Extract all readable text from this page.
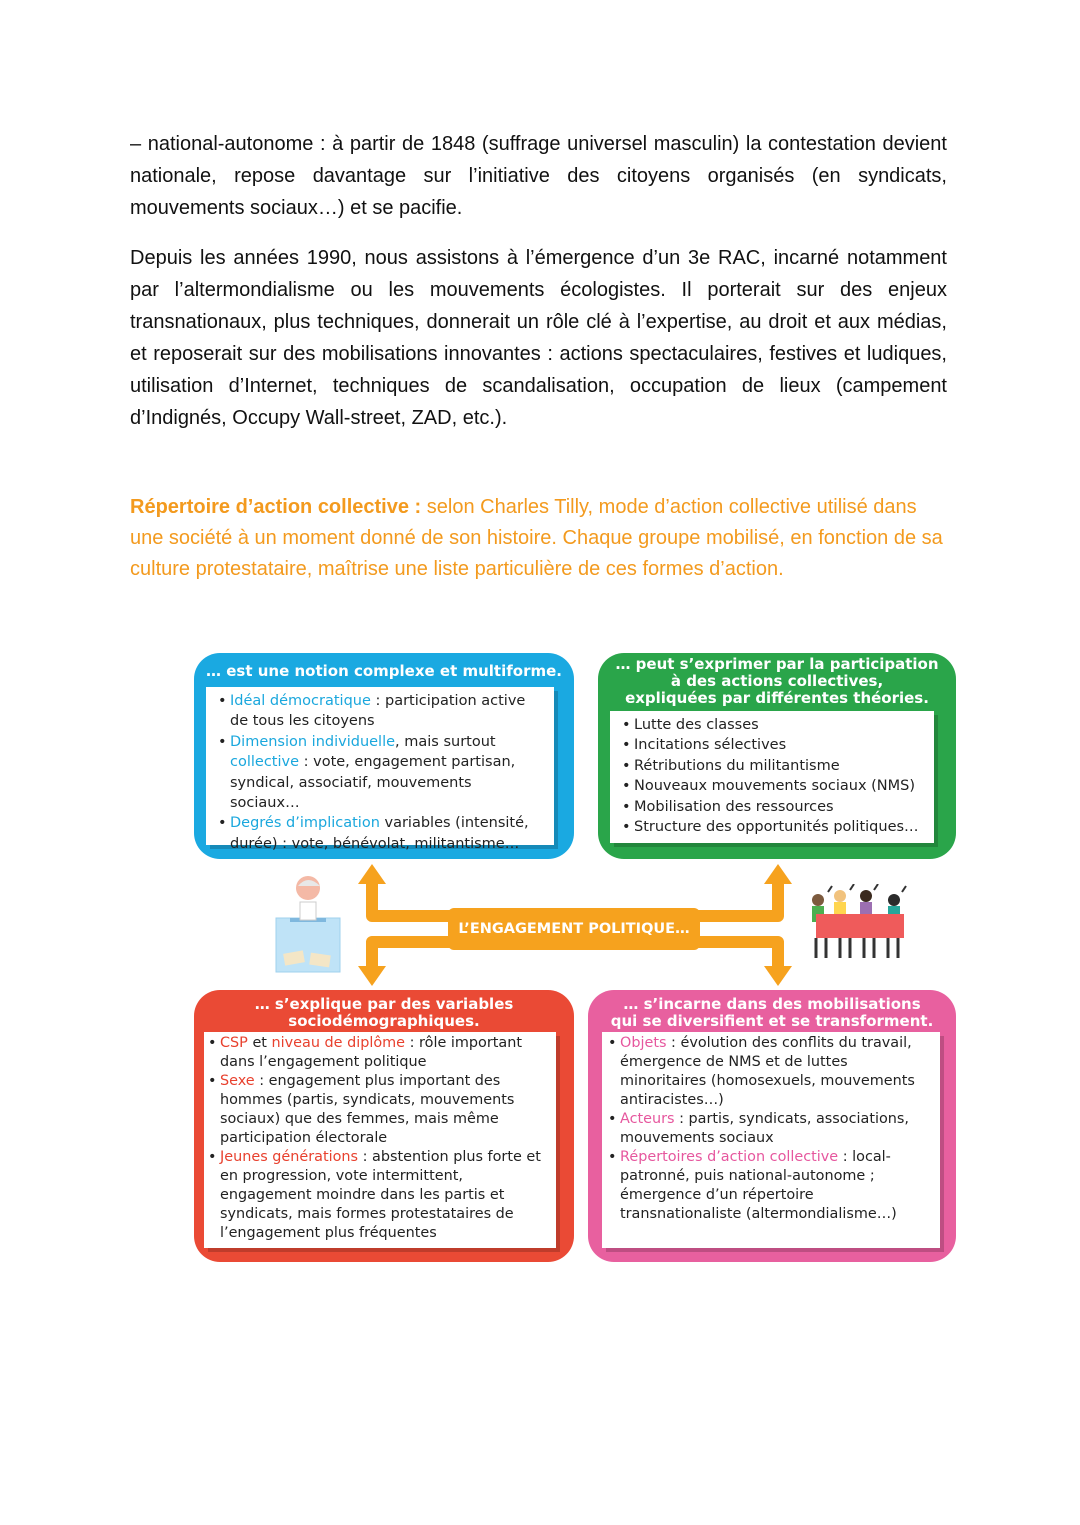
– national-autonome : à partir de 1848 (suffrage universel masculin) la contestation devient nationale, repose davantage sur l’initiative des citoyens organisés (en syndicats, mouvements sociaux…) et se pacifie.

Depuis les années 1990, nous assistons à l’émergence d’un 3e RAC, incarné notamment par l’altermondialisme ou les mouvements écologistes. Il porterait sur des enjeux transnationaux, plus techniques, donnerait un rôle clé à l’expertise, au droit et aux médias, et reposerait sur des mobilisations innovantes : actions spectaculaires, festives et ludiques, utilisation d’Internet, techniques de scandalisation, occupation de lieux (campement d’Indignés, Occupy Wall-street, ZAD, etc.).

Répertoire d’action collective : selon Charles Tilly, mode d’action collective utilisé dans une société à un moment donné de son histoire. Chaque groupe mobilisé, en fonction de sa culture protestataire, maîtrise une liste particulière de ces formes d’action.

L’ENGAGEMENT POLITIQUE…
… est une notion complexe et multiforme.
• Idéal démocratique : participation active de tous les citoyens
• Dimension individuelle, mais surtout collective : vote, engagement partisan, syndical, associatif, mouvements sociaux…
• Degrés d’implication variables (intensité, durée) : vote, bénévolat, militantisme…
… peut s’exprimer par la participation
à des actions collectives,
expliquées par différentes théories.
• Lutte des classes
• Incitations sélectives
• Rétributions du militantisme
• Nouveaux mouvements sociaux (NMS)
• Mobilisation des ressources
• Structure des opportunités politiques…
… s’explique par des variables
sociodémographiques.
• CSP et niveau de diplôme : rôle important dans l’engagement politique
• Sexe : engagement plus important des hommes (partis, syndicats, mouvements sociaux) que des femmes, mais même participation électorale
• Jeunes générations : abstention plus forte et en progression, vote intermittent, engagement moindre dans les partis et syndicats, mais formes protestataires de l’engagement plus fréquentes
… s’incarne dans des mobilisations
qui se diversifient et se transforment.
• Objets : évolution des conflits du travail, émergence de NMS et de luttes minoritaires (homosexuels, mouvements antiracistes…)
• Acteurs : partis, syndicats, associations, mouvements sociaux
• Répertoires d’action collective : local-patronné, puis national-autonome ; émergence d’un répertoire transnationaliste (altermondialisme…)
